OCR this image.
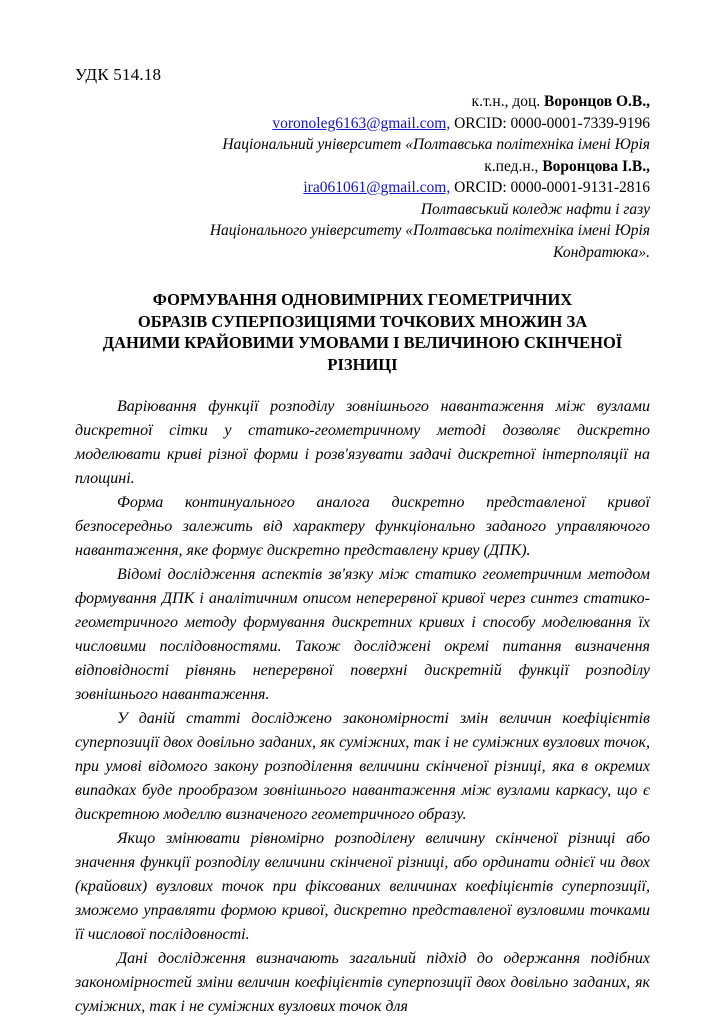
УДК 514.18
к.т.н., доц. Воронцов О.В.,
voronoleg6163@gmail.com, ORCID: 0000-0001-7339-9196
Національний університет «Полтавська політехніка імені Юрія
к.пед.н., Воронцова І.В.,
ira061061@gmail.com, ORCID: 0000-0001-9131-2816
Полтавський коледж нафти і газу
Національного університету «Полтавська політехніка імені Юрія
Кондратюка».
ФОРМУВАННЯ ОДНОВИМІРНИХ ГЕОМЕТРИЧНИХ
ОБРАЗІВ СУПЕРПОЗИЦІЯМИ ТОЧКОВИХ МНОЖИН ЗА
ДАНИМИ КРАЙОВИМИ УМОВАМИ І ВЕЛИЧИНОЮ СКІНЧЕНОЇ
РІЗНИЦІ

Варіювання функції розподілу зовнішнього навантаження між вузлами дискретної сітки у статико-геометричному методі дозволяє дискретно моделювати криві різної форми і розв'язувати задачі дискретної інтерполяції на площині.

Форма континуального аналога дискретно представленої кривої безпосередньо залежить від характеру функціонально заданого управляючого навантаження, яке формує дискретно представлену криву (ДПК).

Відомі дослідження аспектів зв'язку між статико геометричним методом формування ДПК і аналітичним описом неперервної кривої через синтез статико-геометричного методу формування дискретних кривих і способу моделювання їх числовими послідовностями. Також досліджені окремі питання визначення відповідності рівнянь неперервної поверхні дискретній функції розподілу зовнішнього навантаження.

У даній статті досліджено закономірності змін величин коефіцієнтів суперпозиції двох довільно заданих, як суміжних, так і не суміжних вузлових точок, при умові відомого закону розподілення величини скінченої різниці, яка в окремих випадках буде прообразом зовнішнього навантаження між вузлами каркасу, що є дискретною моделлю визначеного геометричного образу.

Якщо змінювати рівномірно розподілену величину скінченої різниці або значення функції розподілу величини скінченої різниці, або ординати однієї чи двох (крайових) вузлових точок при фіксованих величинах коефіцієнтів суперпозиції, зможемо управляти формою кривої, дискретно представленої вузловими точками її числової послідовності.

Дані дослідження визначають загальний підхід до одержання подібних закономірностей зміни величин коефіцієнтів суперпозиції двох довільно заданих, як суміжних, так і не суміжних вузлових точок для
